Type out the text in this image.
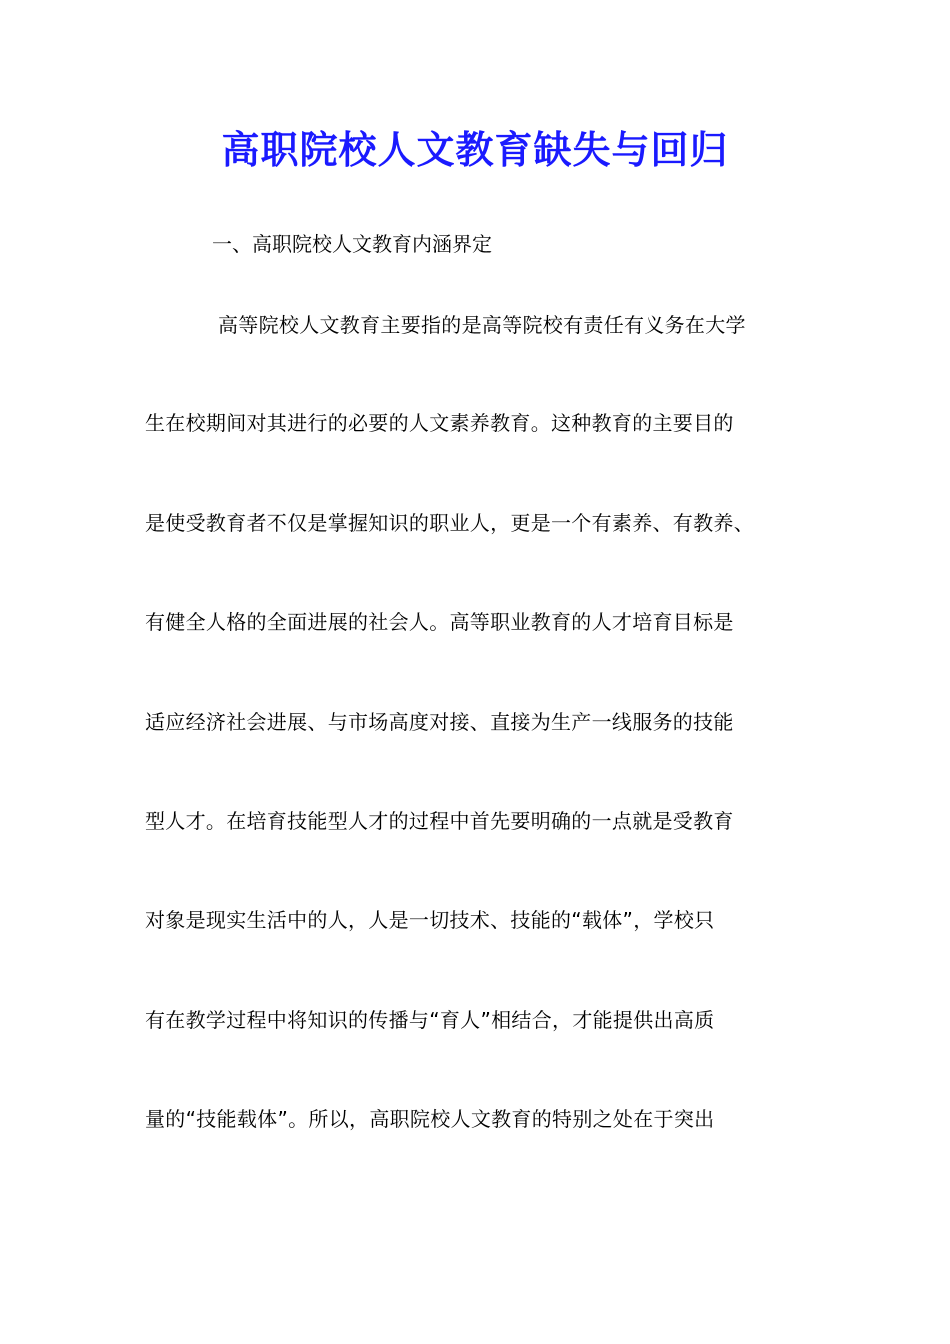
高职院校人文教育缺失与回归
一、高职院校人文教育内涵界定
高等院校人文教育主要指的是高等院校有责任有义务在大学
生在校期间对其进行的必要的人文素养教育。这种教育的主要目的
是使受教育者不仅是掌握知识的职业人，更是一个有素养、有教养、
有健全人格的全面进展的社会人。高等职业教育的人才培育目标是
适应经济社会进展、与市场高度对接、直接为生产一线服务的技能
型人才。在培育技能型人才的过程中首先要明确的一点就是受教育
对象是现实生活中的人，人是一切技术、技能的“载体”，学校只
有在教学过程中将知识的传播与“育人”相结合，才能提供出高质
量的“技能载体”。所以，高职院校人文教育的特别之处在于突出
